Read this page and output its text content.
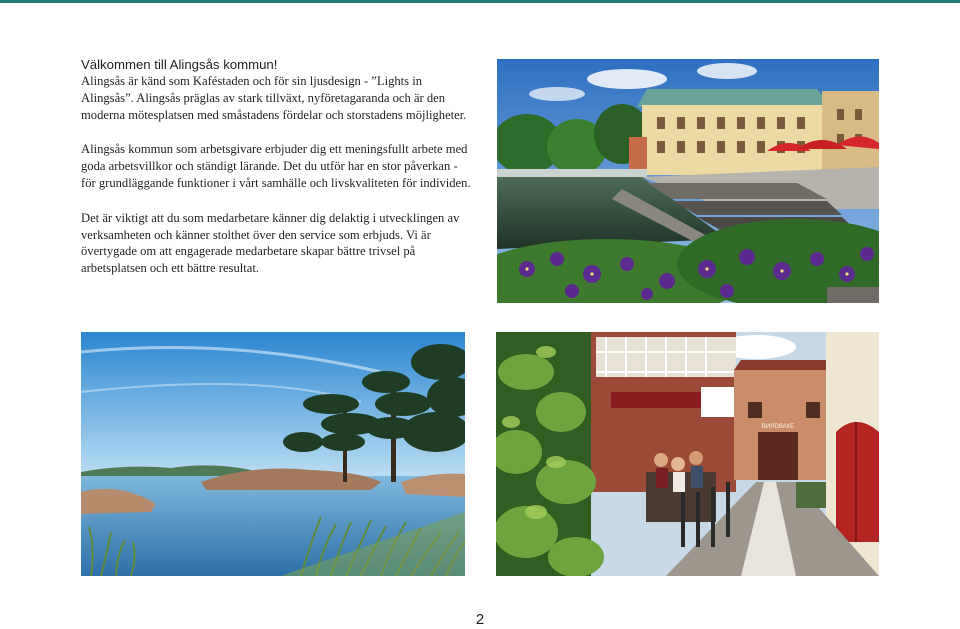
Välkommen till Alingsås kommun!
Alingsås är känd som Kaféstaden och för sin ljusdesign - ”Lights in Alingsås”. Alingsås präglas av stark tillväxt, nyföretagaranda och är den moderna mötesplatsen med småstadens fördelar och storstadens möjligheter.

Alingsås kommun som arbetsgivare erbjuder dig ett meningsfullt arbete med goda arbetsvillkor och ständigt lärande. Det du utför har en stor påverkan - för grundläggande funktioner i vårt samhälle och livskvaliteten för individen.

Det är viktigt att du som medarbetare känner dig delaktig i utvecklingen av verksamheten och känner stolthet över den service som erbjuds. Vi är övertygade om att engagerade medarbetare skapar bättre trivsel på arbetsplatsen och ett bättre resultat.

ВИЯDВАКЕ
2
